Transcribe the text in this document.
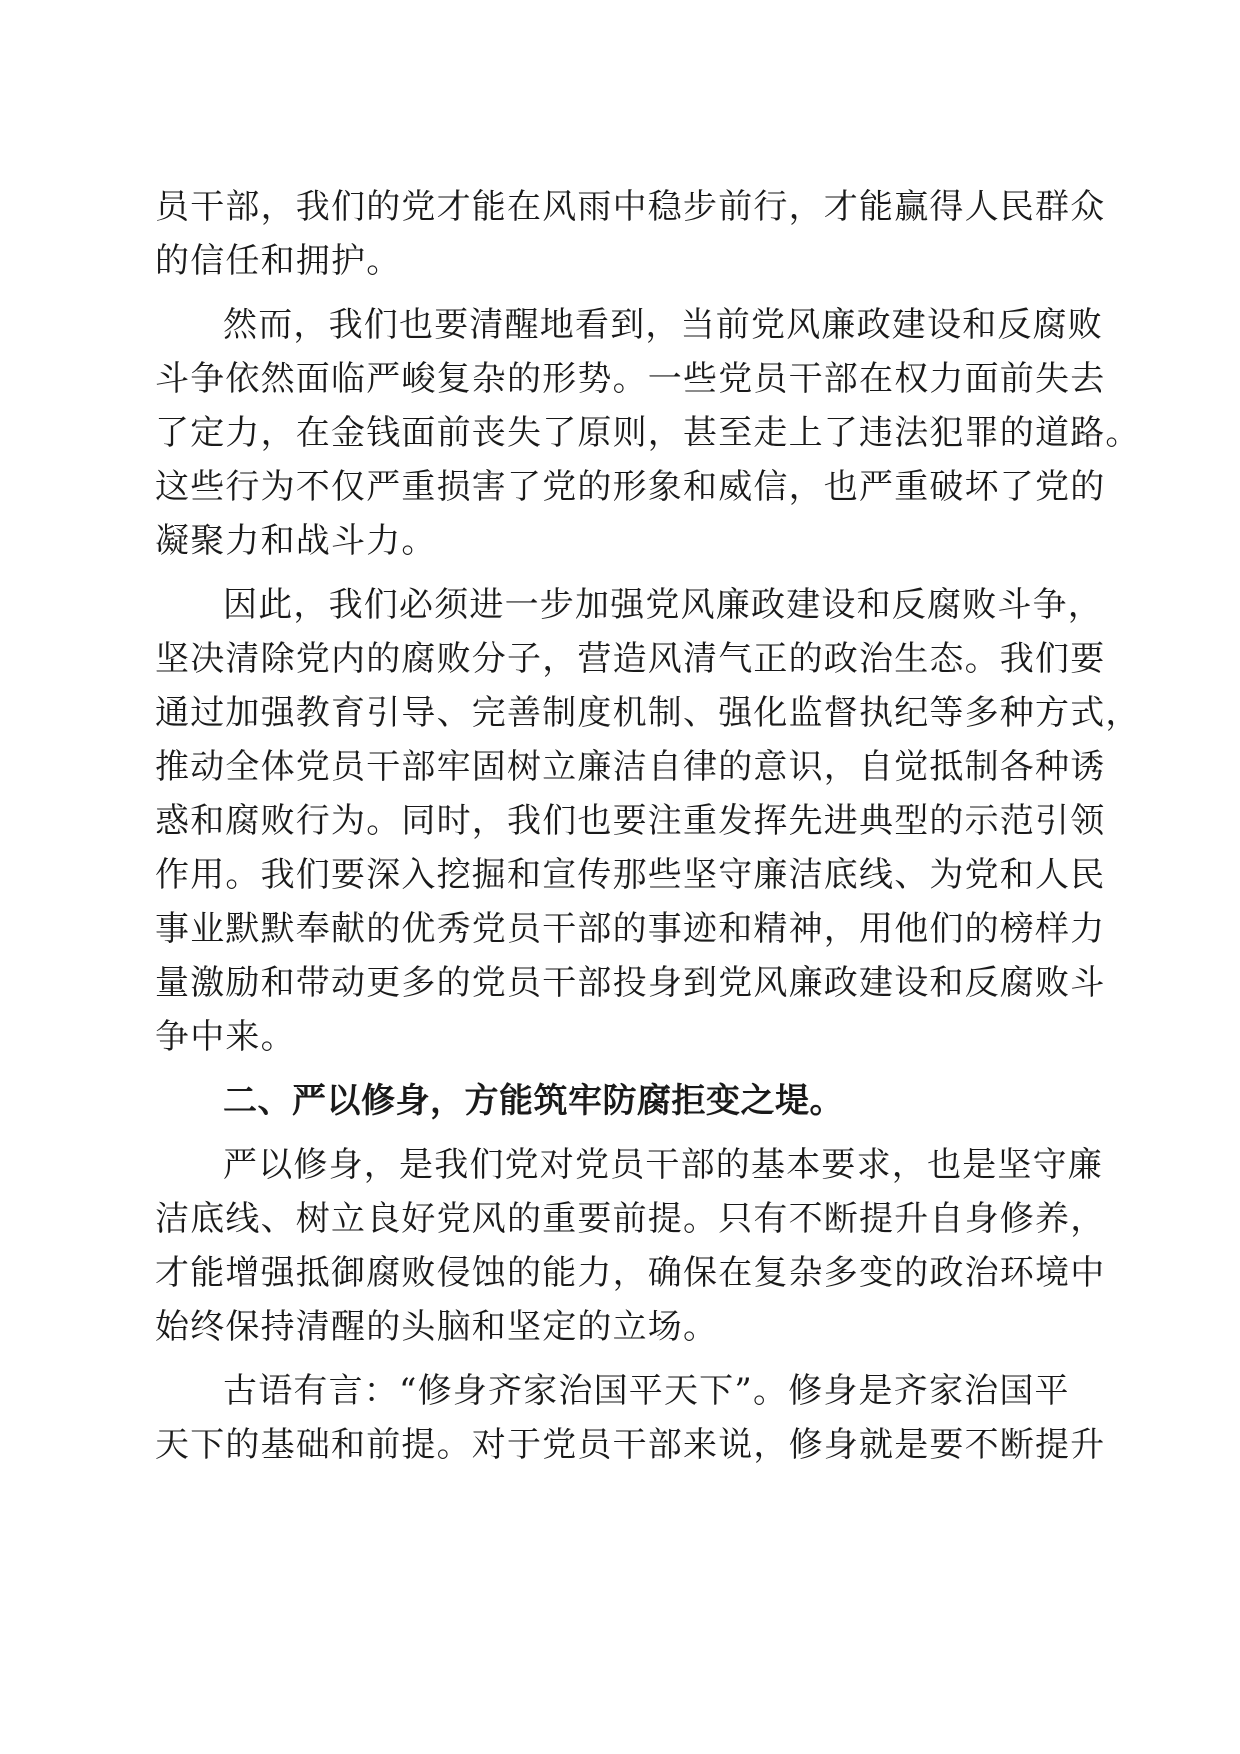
员干部，我们的党才能在风雨中稳步前行，才能赢得人民群众
的信任和拥护。
然而，我们也要清醒地看到，当前党风廉政建设和反腐败
斗争依然面临严峻复杂的形势。一些党员干部在权力面前失去
了定力，在金钱面前丧失了原则，甚至走上了违法犯罪的道路。
这些行为不仅严重损害了党的形象和威信，也严重破坏了党的
凝聚力和战斗力。
因此，我们必须进一步加强党风廉政建设和反腐败斗争，
坚决清除党内的腐败分子，营造风清气正的政治生态。我们要
通过加强教育引导、完善制度机制、强化监督执纪等多种方式，
推动全体党员干部牢固树立廉洁自律的意识，自觉抵制各种诱
惑和腐败行为。同时，我们也要注重发挥先进典型的示范引领
作用。我们要深入挖掘和宣传那些坚守廉洁底线、为党和人民
事业默默奉献的优秀党员干部的事迹和精神，用他们的榜样力
量激励和带动更多的党员干部投身到党风廉政建设和反腐败斗
争中来。
二、严以修身，方能筑牢防腐拒变之堤。
严以修身，是我们党对党员干部的基本要求，也是坚守廉
洁底线、树立良好党风的重要前提。只有不断提升自身修养，
才能增强抵御腐败侵蚀的能力，确保在复杂多变的政治环境中
始终保持清醒的头脑和坚定的立场。
古语有言：“修身齐家治国平天下”。修身是齐家治国平
天下的基础和前提。对于党员干部来说，修身就是要不断提升
